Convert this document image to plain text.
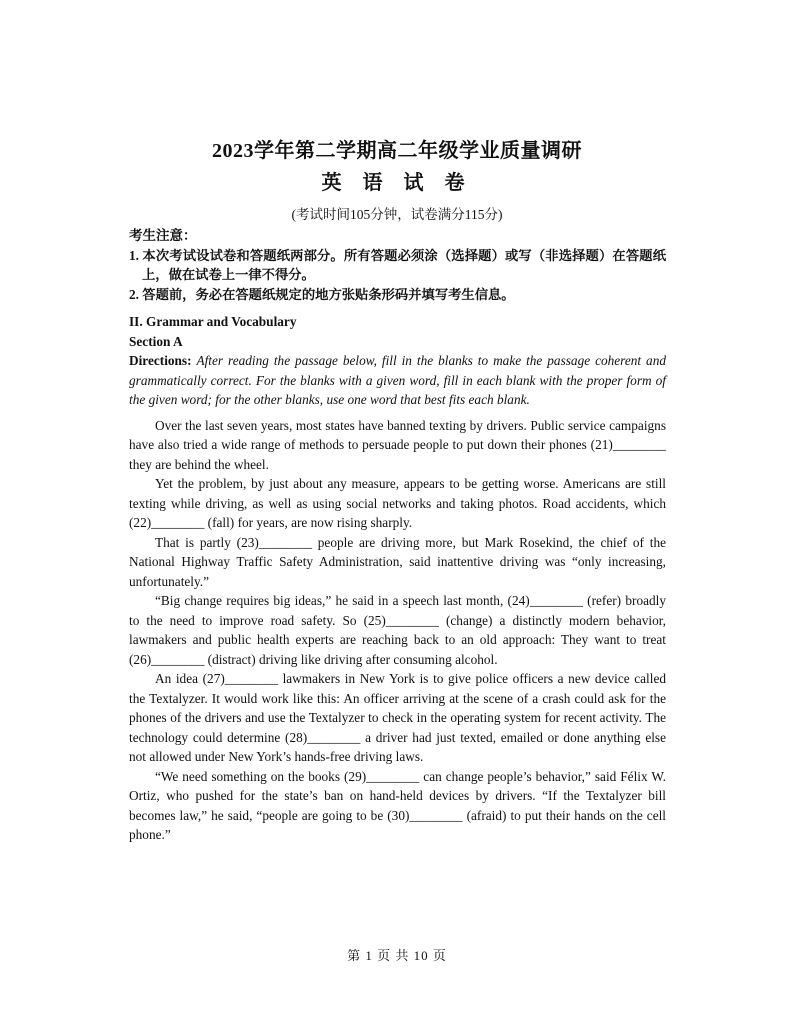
2023学年第二学期高二年级学业质量调研
英 语 试 卷
(考试时间105分钟，试卷满分115分)

考生注意：

1. 本次考试设试卷和答题纸两部分。所有答题必须涂（选择题）或写（非选择题）在答题纸上，做在试卷上一律不得分。

2. 答题前，务必在答题纸规定的地方张贴条形码并填写考生信息。

II. Grammar and Vocabulary
Section A

Directions: After reading the passage below, fill in the blanks to make the passage coherent and grammatically correct. For the blanks with a given word, fill in each blank with the proper form of the given word; for the other blanks, use one word that best fits each blank.

Over the last seven years, most states have banned texting by drivers. Public service campaigns have also tried a wide range of methods to persuade people to put down their phones (21)________ they are behind the wheel.

Yet the problem, by just about any measure, appears to be getting worse. Americans are still texting while driving, as well as using social networks and taking photos. Road accidents, which (22)________ (fall) for years, are now rising sharply.

That is partly (23)________ people are driving more, but Mark Rosekind, the chief of the National Highway Traffic Safety Administration, said inattentive driving was “only increasing, unfortunately.”

“Big change requires big ideas,” he said in a speech last month, (24)________ (refer) broadly to the need to improve road safety. So (25)________ (change) a distinctly modern behavior, lawmakers and public health experts are reaching back to an old approach: They want to treat (26)________ (distract) driving like driving after consuming alcohol.

An idea (27)________ lawmakers in New York is to give police officers a new device called the Textalyzer. It would work like this: An officer arriving at the scene of a crash could ask for the phones of the drivers and use the Textalyzer to check in the operating system for recent activity. The technology could determine (28)________ a driver had just texted, emailed or done anything else not allowed under New York’s hands-free driving laws.

“We need something on the books (29)________ can change people’s behavior,” said Félix W. Ortiz, who pushed for the state’s ban on hand-held devices by drivers. “If the Textalyzer bill becomes law,” he said, “people are going to be (30)________ (afraid) to put their hands on the cell phone.”

第 1 页 共 10 页
